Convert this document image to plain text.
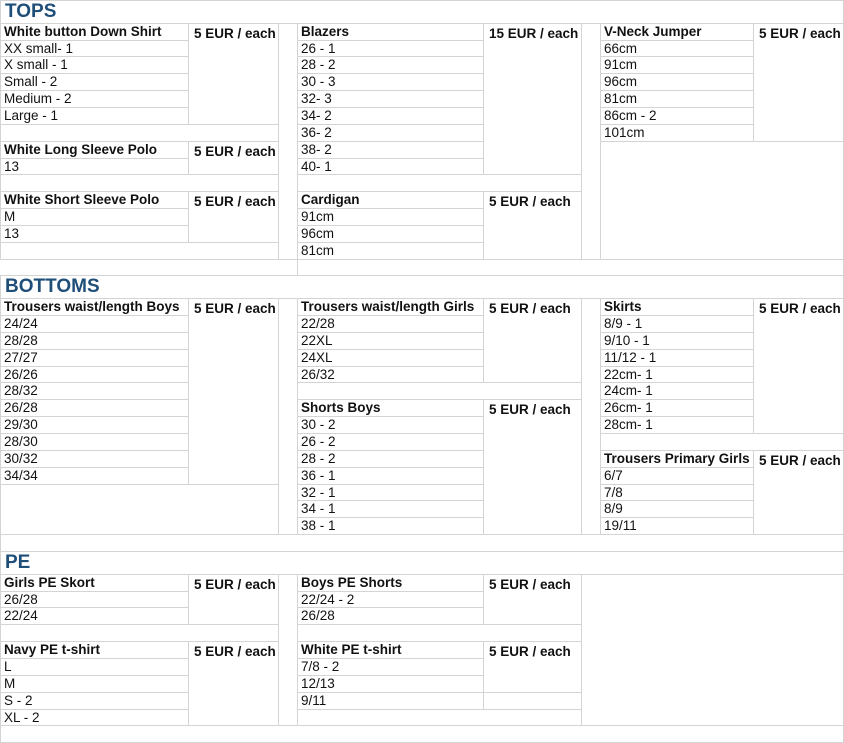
TOPS
White button Down Shirt
XX small- 1
X small - 1
Small - 2
Medium - 2
Large - 1
5 EUR / each
White Long Sleeve Polo
13
5 EUR / each
White Short Sleeve Polo
M
13
5 EUR / each
Blazers
26 - 1
28 - 2
30 - 3
32- 3
34- 2
36- 2
38- 2
40- 1
15 EUR / each
Cardigan
91cm
96cm
81cm
5 EUR / each
V-Neck Jumper
66cm
91cm
96cm
81cm
86cm - 2
101cm
5 EUR / each
BOTTOMS
Trousers waist/length Boys
24/24
28/28
27/27
26/26
28/32
26/28
29/30
28/30
30/32
34/34
5 EUR / each Trousers waist/length Girls
22/28
22XL
24XL
26/32
5 EUR / each
Shorts Boys
30 - 2
26 - 2
28 - 2
36 - 1
32 - 1
34 - 1
38 - 1
5 EUR / each
Skirts
8/9 - 1
9/10 - 1
11/12 - 1
22cm- 1
24cm- 1
26cm- 1
28cm- 1
5 EUR / each
Trousers Primary Girls
6/7
7/8
8/9
19/11
5 EUR / each
PE
Girls PE Skort
26/28
22/24
5 EUR / each
Navy PE t-shirt
L
M
S - 2
XL - 2
5 EUR / each
Boys PE Shorts
22/24 - 2
26/28
5 EUR / each
White PE t-shirt
7/8 - 2
12/13
9/11
5 EUR / each
